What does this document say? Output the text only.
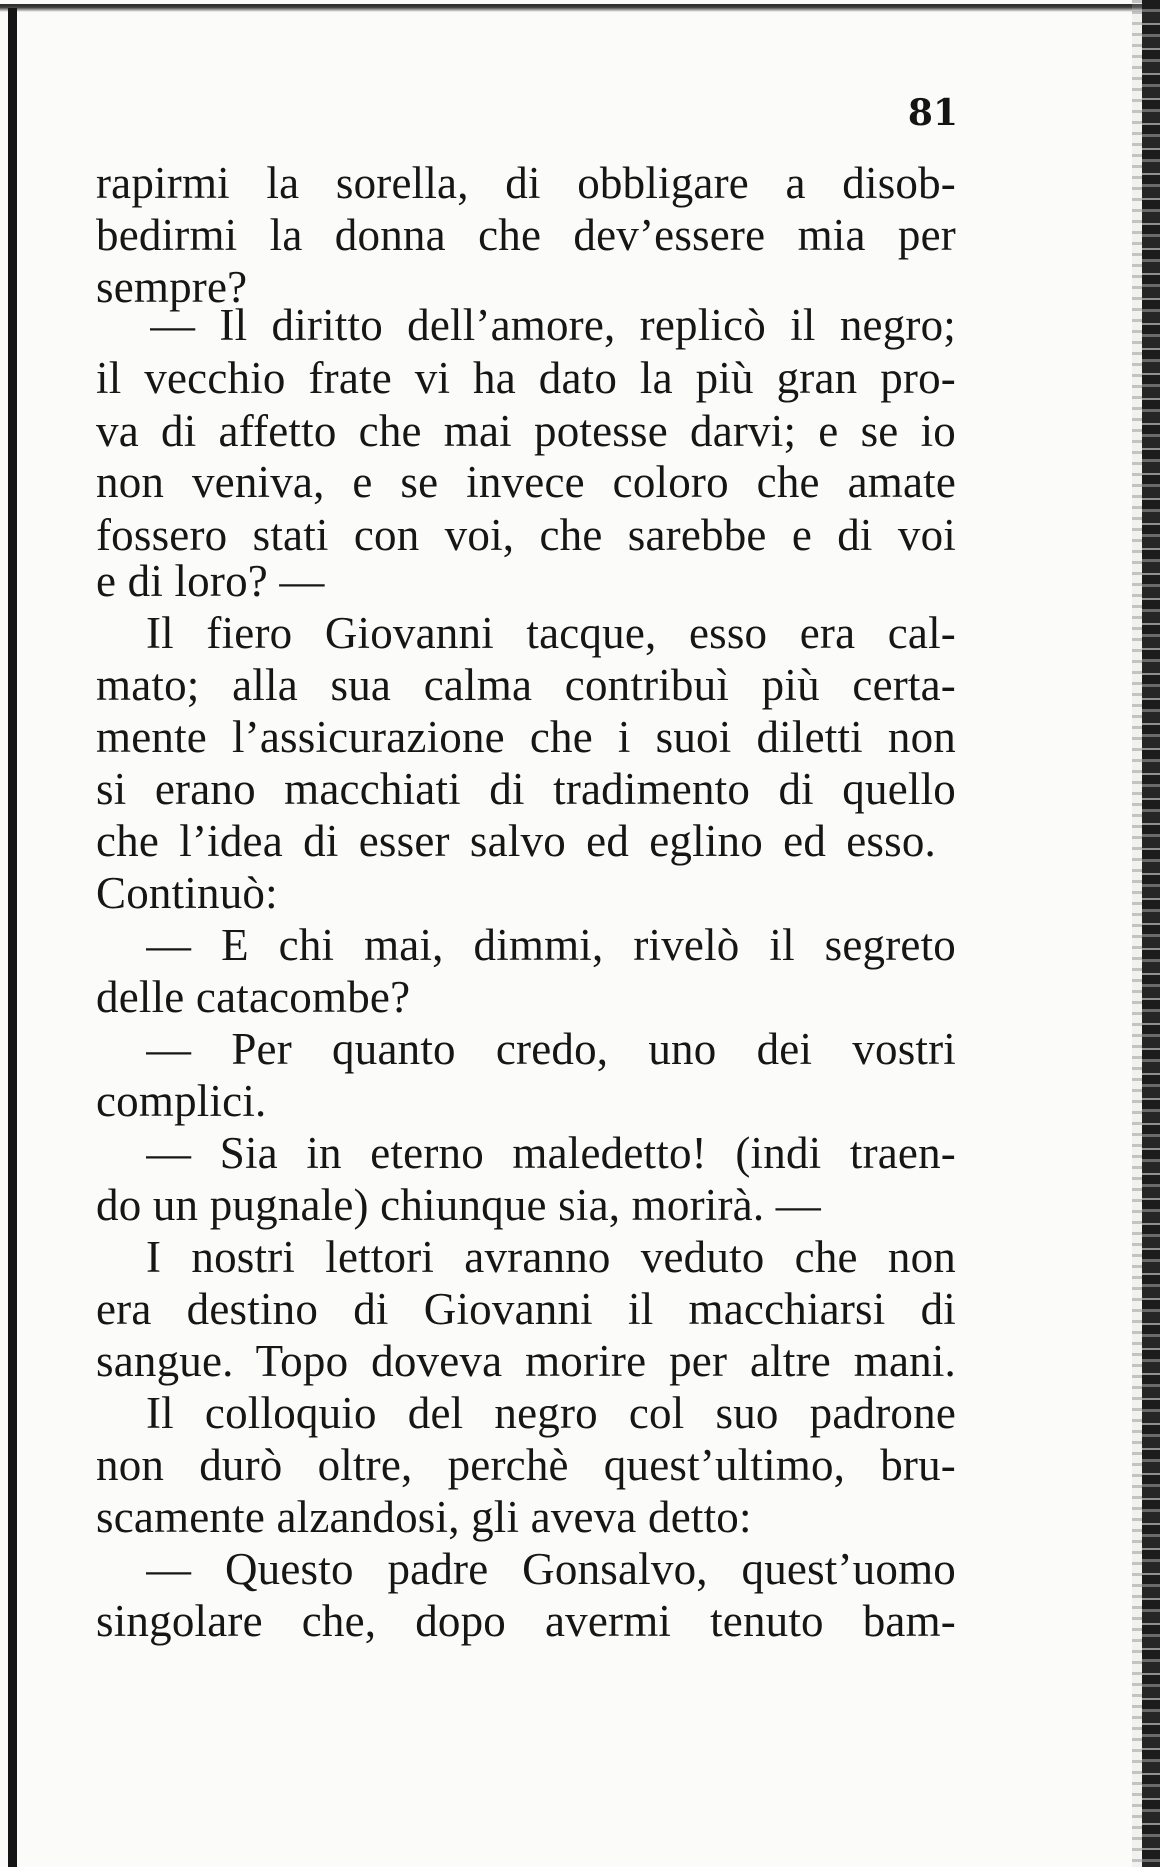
81
rapirmi la sorella, di obbligare a disob-
bedirmi la donna che dev’essere mia per
sempre?
— Il diritto dell’amore, replicò il negro;
il vecchio frate vi ha dato la più gran pro-
va di affetto che mai potesse darvi; e se io
non veniva, e se invece coloro che amate
fossero stati con voi, che sarebbe e di voi
e di loro? —
Il fiero Giovanni tacque, esso era cal-
mato; alla sua calma contribuì più certa-
mente l’assicurazione che i suoi diletti non
si erano macchiati di tradimento di quello
che l’idea di esser salvo ed eglino ed esso.
Continuò:
— E chi mai, dimmi, rivelò il segreto
delle catacombe?
— Per quanto credo, uno dei vostri
complici.
— Sia in eterno maledetto! (indi traen-
do un pugnale) chiunque sia, morirà. —
I nostri lettori avranno veduto che non
era destino di Giovanni il macchiarsi di
sangue. Topo doveva morire per altre mani.
Il colloquio del negro col suo padrone
non durò oltre, perchè quest’ultimo, bru-
scamente alzandosi, gli aveva detto:
— Questo padre Gonsalvo, quest’uomo
singolare che, dopo avermi tenuto bam-
